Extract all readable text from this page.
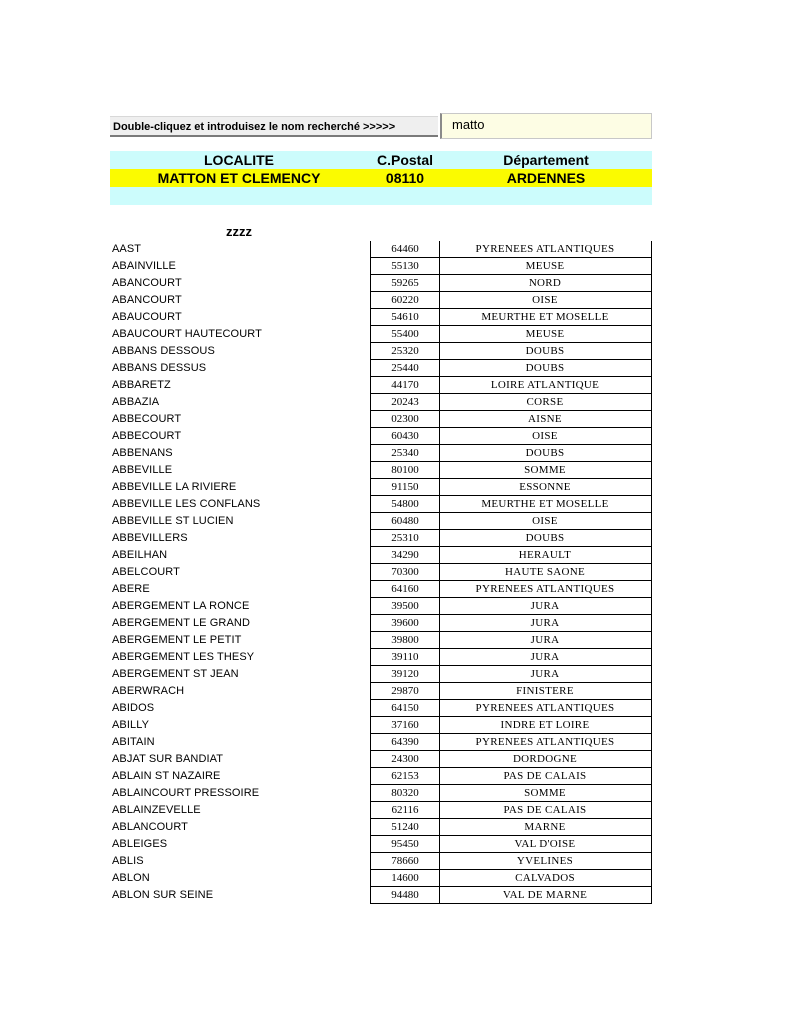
Double-cliquez et introduisez le nom recherché >>>>>	matto
LOCALITE	C.Postal	Département
MATTON ET CLEMENCY	08110	ARDENNES
zzzz
AAST	64460	PYRENEES ATLANTIQUES
ABAINVILLE	55130	MEUSE
ABANCOURT	59265	NORD
ABANCOURT	60220	OISE
ABAUCOURT	54610	MEURTHE ET MOSELLE
ABAUCOURT HAUTECOURT	55400	MEUSE
ABBANS DESSOUS	25320	DOUBS
ABBANS DESSUS	25440	DOUBS
ABBARETZ	44170	LOIRE ATLANTIQUE
ABBAZIA	20243	CORSE
ABBECOURT	02300	AISNE
ABBECOURT	60430	OISE
ABBENANS	25340	DOUBS
ABBEVILLE	80100	SOMME
ABBEVILLE LA RIVIERE	91150	ESSONNE
ABBEVILLE LES CONFLANS	54800	MEURTHE ET MOSELLE
ABBEVILLE ST LUCIEN	60480	OISE
ABBEVILLERS	25310	DOUBS
ABEILHAN	34290	HERAULT
ABELCOURT	70300	HAUTE SAONE
ABERE	64160	PYRENEES ATLANTIQUES
ABERGEMENT LA RONCE	39500	JURA
ABERGEMENT LE GRAND	39600	JURA
ABERGEMENT LE PETIT	39800	JURA
ABERGEMENT LES THESY	39110	JURA
ABERGEMENT ST JEAN	39120	JURA
ABERWRACH	29870	FINISTERE
ABIDOS	64150	PYRENEES ATLANTIQUES
ABILLY	37160	INDRE ET LOIRE
ABITAIN	64390	PYRENEES ATLANTIQUES
ABJAT SUR BANDIAT	24300	DORDOGNE
ABLAIN ST NAZAIRE	62153	PAS DE CALAIS
ABLAINCOURT PRESSOIRE	80320	SOMME
ABLAINZEVELLE	62116	PAS DE CALAIS
ABLANCOURT	51240	MARNE
ABLEIGES	95450	VAL D'OISE
ABLIS	78660	YVELINES
ABLON	14600	CALVADOS
ABLON SUR SEINE	94480	VAL DE MARNE
